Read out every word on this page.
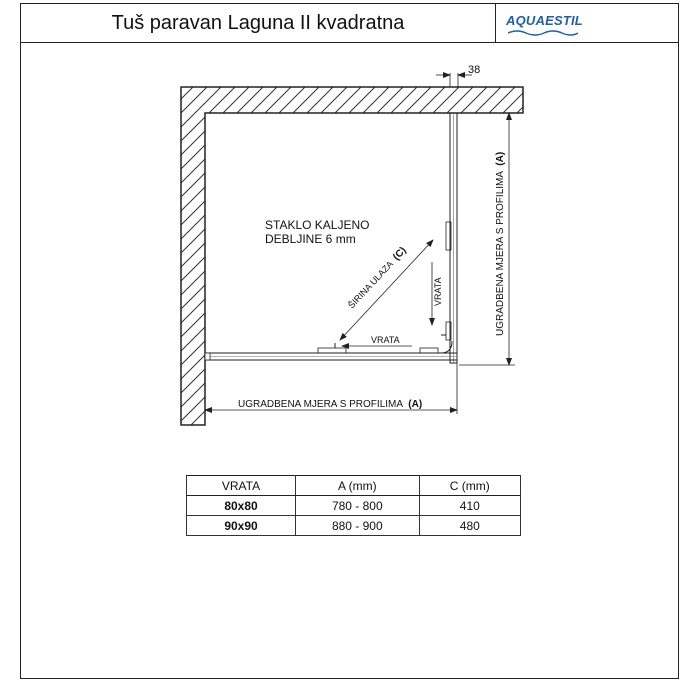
Tuš paravan Laguna II kvadratna	AQUAESTIL
38
STAKLO KALJENO
DEBLJINE 6 mm
ŠIRINA ULAZA (C)
VRATA
VRATA
UGRADBENA MJERA S PROFILIMA (A)
UGRADBENA MJERA S PROFILIMA (A)
VRATA	A (mm)	C (mm)
80x80	780 - 800	410
90x90	880 - 900	480
